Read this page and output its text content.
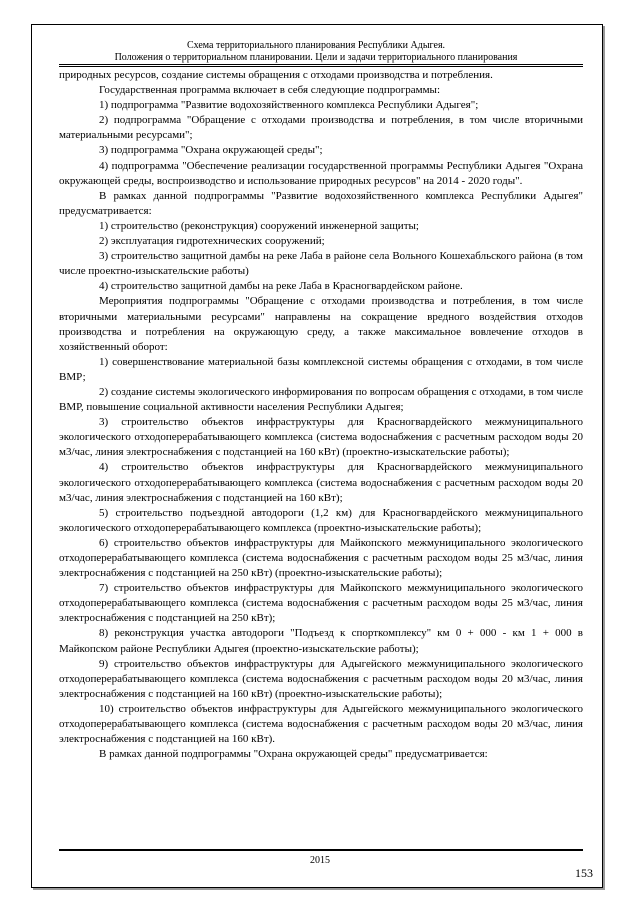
Схема территориального планирования Республики Адыгея.
Положения о территориальном планировании. Цели и задачи территориального планирования

природных ресурсов, создание системы обращения с отходами производства и потребления.

Государственная программа включает в себя следующие подпрограммы:

1) подпрограмма "Развитие водохозяйственного комплекса Республики Адыгея";

2) подпрограмма "Обращение с отходами производства и потребления, в том числе вторичными материальными ресурсами";

3) подпрограмма "Охрана окружающей среды";

4) подпрограмма "Обеспечение реализации государственной программы Республики Адыгея "Охрана окружающей среды, воспроизводство и использование природных ресурсов" на 2014 - 2020 годы".

В рамках данной подпрограммы "Развитие водохозяйственного комплекса Республики Адыгея" предусматривается:

1) строительство (реконструкция) сооружений инженерной защиты;

2) эксплуатация гидротехнических сооружений;

3) строительство защитной дамбы на реке Лаба в районе села Вольного Кошехабльского района (в том числе проектно-изыскательские работы)

4) строительство защитной дамбы на реке Лаба в Красногвардейском районе.

Мероприятия подпрограммы "Обращение с отходами производства и потребления, в том числе вторичными материальными ресурсами" направлены на сокращение вредного воздействия отходов производства и потребления на окружающую среду, а также максимальное вовлечение отходов в хозяйственный оборот:

1) совершенствование материальной базы комплексной системы обращения с отходами, в том числе ВМР;

2) создание системы экологического информирования по вопросам обращения с отходами, в том числе ВМР, повышение социальной активности населения Республики Адыгея;

3) строительство объектов инфраструктуры для Красногвардейского межмуниципального экологического отходоперерабатывающего комплекса (система водоснабжения с расчетным расходом воды 20 м3/час, линия электроснабжения с подстанцией на 160 кВт) (проектно-изыскательские работы);

4) строительство объектов инфраструктуры для Красногвардейского межмуниципального экологического отходоперерабатывающего комплекса (система водоснабжения с расчетным расходом воды 20 м3/час, линия электроснабжения с подстанцией на 160 кВт);

5) строительство подъездной автодороги (1,2 км) для Красногвардейского межмуниципального экологического отходоперерабатывающего комплекса (проектно-изыскательские работы);

6) строительство объектов инфраструктуры для Майкопского межмуниципального экологического отходоперерабатывающего комплекса (система водоснабжения с расчетным расходом воды 25 м3/час, линия электроснабжения с подстанцией на 250 кВт) (проектно-изыскательские работы);

7) строительство объектов инфраструктуры для Майкопского межмуниципального экологического отходоперерабатывающего комплекса (система водоснабжения с расчетным расходом воды 25 м3/час, линия электроснабжения с подстанцией на 250 кВт);

8) реконструкция участка автодороги "Подъезд к спорткомплексу" км 0 + 000 - км 1 + 000 в Майкопском районе Республики Адыгея (проектно-изыскательские работы);

9) строительство объектов инфраструктуры для Адыгейского межмуниципального экологического отходоперерабатывающего комплекса (система водоснабжения с расчетным расходом воды 20 м3/час, линия электроснабжения с подстанцией на 160 кВт) (проектно-изыскательские работы);

10) строительство объектов инфраструктуры для Адыгейского межмуниципального экологического отходоперерабатывающего комплекса (система водоснабжения с расчетным расходом воды 20 м3/час, линия электроснабжения с подстанцией на 160 кВт).

В рамках данной подпрограммы "Охрана окружающей среды" предусматривается:

2015
153
